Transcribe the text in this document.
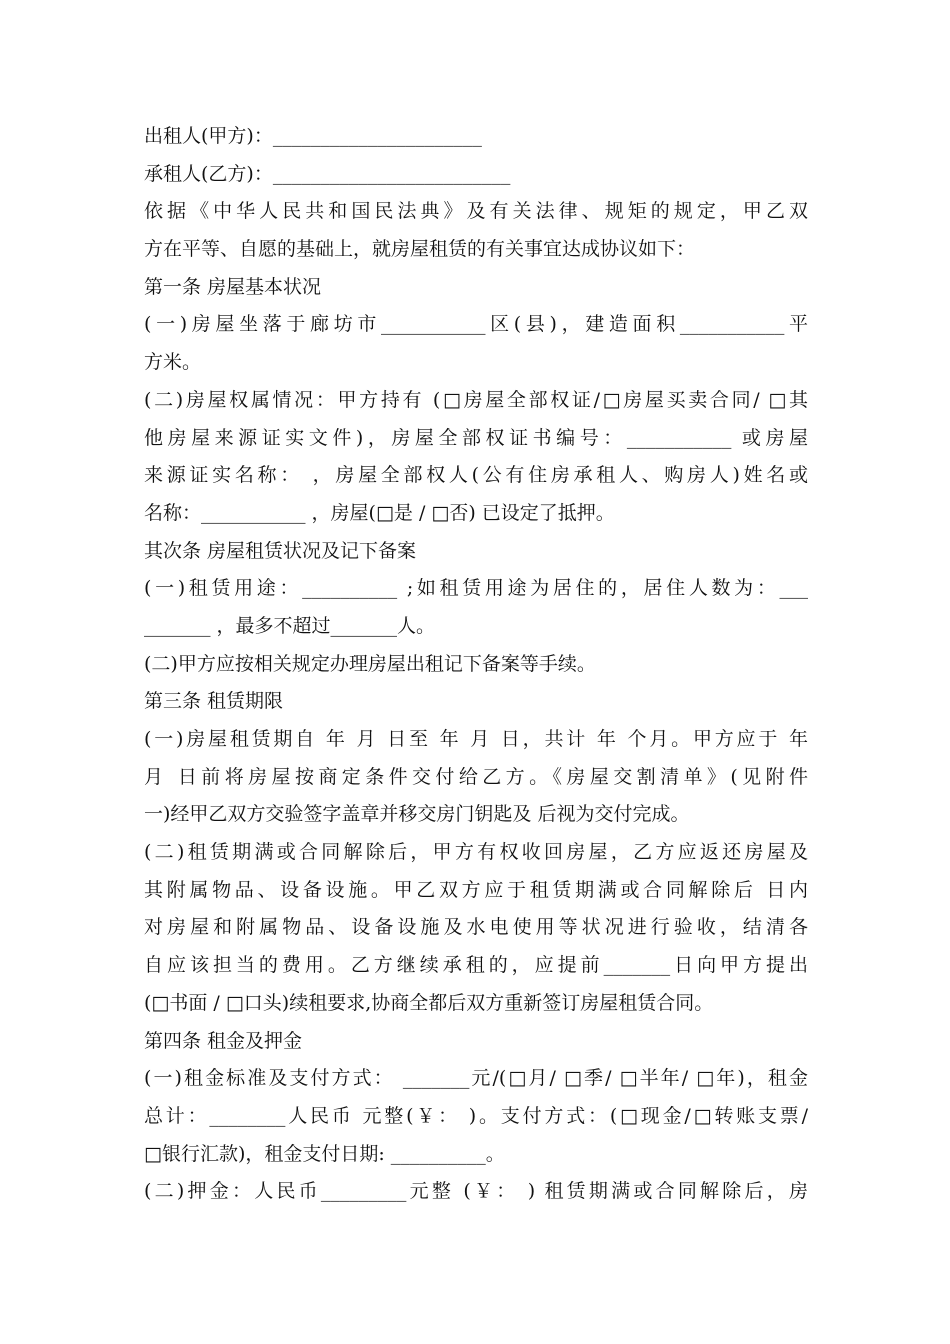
出租人(甲方)：______________________
承租人(乙方)：_________________________
依据《中华人民共和国民法典》及有关法律、规矩的规定，甲乙双
方在平等、自愿的基础上，就房屋租赁的有关事宜达成协议如下：
第一条 房屋基本状况
(一)房屋坐落于廊坊市___________区(县)，建造面积___________平
方米。
(二)房屋权属情况：甲方持有 (□房屋全部权证/□房屋买卖合同/ □其
他房屋来源证实文件)，房屋全部权证书编号：___________ 或房屋
来源证实名称： ，房屋全部权人(公有住房承租人、购房人)姓名或
名称：___________ ，房屋(□是 / □否) 已设定了抵押。
其次条 房屋租赁状况及记下备案
(一)租赁用途：__________ ;如租赁用途为居住的，居住人数为：___
_______ ，最多不超过_______人。
(二)甲方应按相关规定办理房屋出租记下备案等手续。
第三条 租赁期限
(一)房屋租赁期自 年 月 日至 年 月 日，共计 年 个月。甲方应于 年
月 日前将房屋按商定条件交付给乙方。《房屋交割清单》(见附件
一)经甲乙双方交验签字盖章并移交房门钥匙及 后视为交付完成。
(二)租赁期满或合同解除后，甲方有权收回房屋，乙方应返还房屋及
其附属物品、设备设施。甲乙双方应于租赁期满或合同解除后 日内
对房屋和附属物品、设备设施及水电使用等状况进行验收，结清各
自应该担当的费用。乙方继续承租的，应提前_______日向甲方提出
(□书面 / □口头)续租要求,协商全都后双方重新签订房屋租赁合同。
第四条 租金及押金
(一)租金标准及支付方式： _______元/(□月/ □季/ □半年/ □年)，租金
总计：________人民币 元整(￥： )。支付方式：(□现金/□转账支票/
□银行汇款)，租金支付日期: __________。
(二)押金：人民币_________元整 (￥： ) 租赁期满或合同解除后，房
